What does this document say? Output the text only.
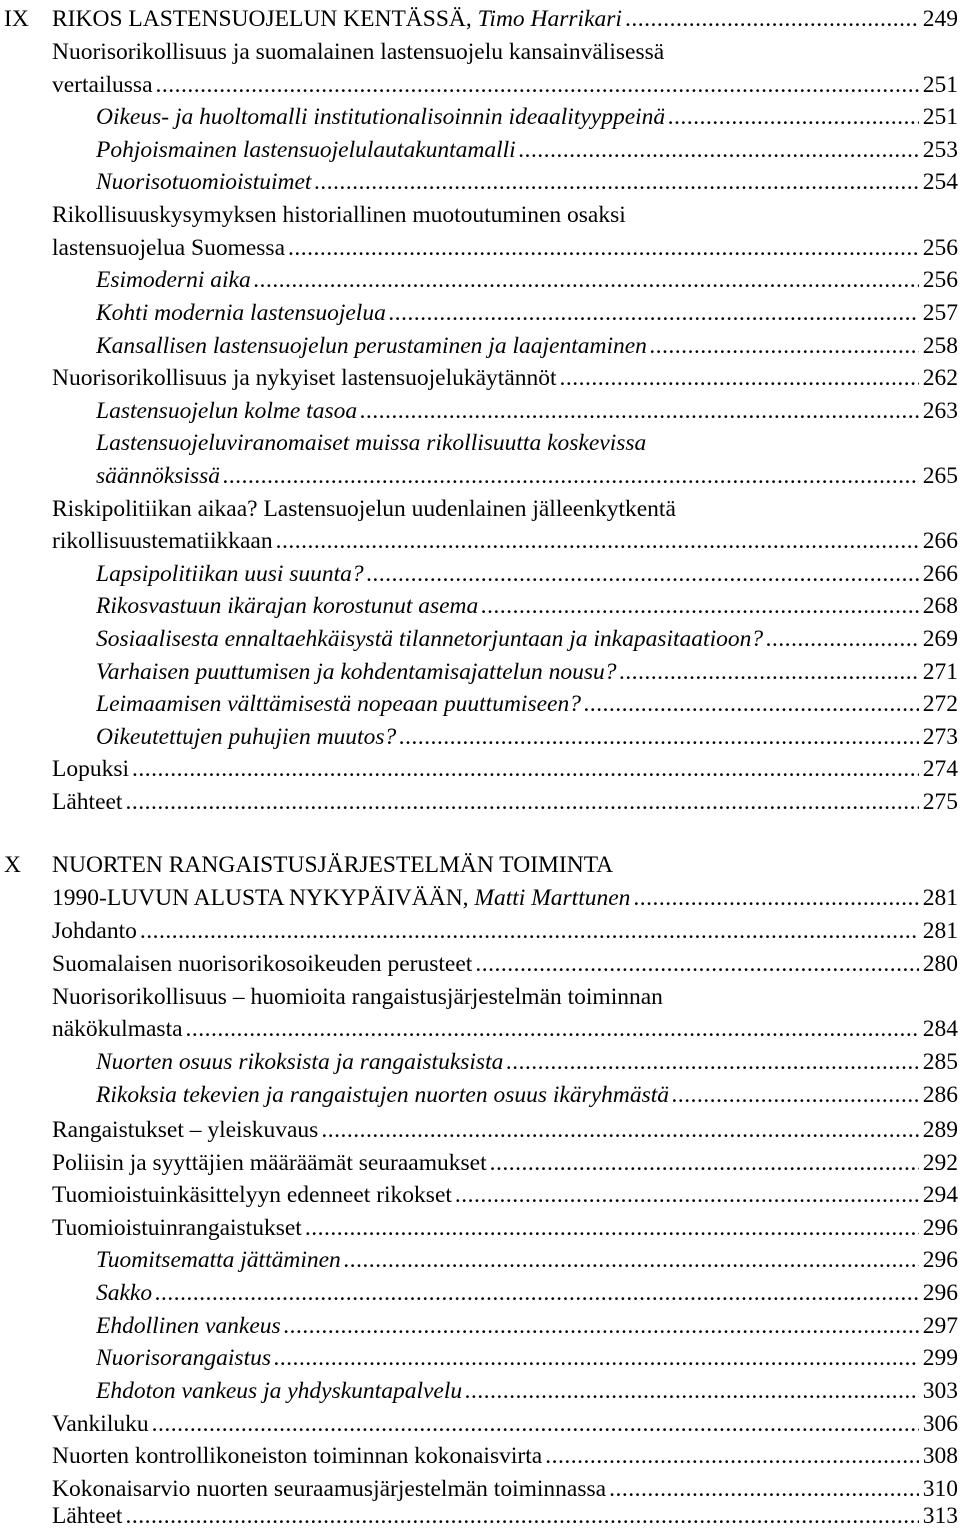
IX RIKOS LASTENSUOJELUN KENTÄSSÄ, Timo Harrikari .....	249
Nuorisorikollisuus ja suomalainen lastensuojelu kansainvälisessä
vertailussa .....	251
Oikeus- ja huoltomalli institutionalisoinnin ideaalityyppeinä .....	251
Pohjoismainen lastensuojelulautakuntamalli .....	253
Nuorisotuomioistuimet .....	254
Rikollisuuskysymyksen historiallinen muotoutuminen osaksi
lastensuojelua Suomessa .....	256
Esimoderni aika .....	256
Kohti modernia lastensuojelua .....	257
Kansallisen lastensuojelun perustaminen ja laajentaminen .....	258
Nuorisorikollisuus ja nykyiset lastensuojelukäytännöt .....	262
Lastensuojelun kolme tasoa .....	263
Lastensuojeluviranomaiset muissa rikollisuutta koskevissa
säännöksissä .....	265
Riskipolitiikan aikaa? Lastensuojelun uudenlainen jälleenkytkentä
rikollisuustematiikkaan .....	266
Lapsipolitiikan uusi suunta? .....	266
Rikosvastuun ikärajan korostunut asema .....	268
Sosiaalisesta ennaltaehkäisystä tilannetorjuntaan ja inkapasitaatioon? .....	269
Varhaisen puuttumisen ja kohdentamisajattelun nousu? .....	271
Leimaamisen välttämisestä nopeaan puuttumiseen? .....	272
Oikeutettujen puhujien muutos? .....	273
Lopuksi .....	274
Lähteet .....	275
X NUORTEN RANGAISTUSJÄRJESTELMÄN TOIMINTA
1990-LUVUN ALUSTA NYKYPÄIVÄÄN, Matti Marttunen .....	281
Johdanto .....	281
Suomalaisen nuorisorikosoikeuden perusteet .....	280
Nuorisorikollisuus – huomioita rangaistusjärjestelmän toiminnan
näkökulmasta .....	284
Nuorten osuus rikoksista ja rangaistuksista .....	285
Rikoksia tekevien ja rangaistujen nuorten osuus ikäryhmästä .....	286
Rangaistukset – yleiskuvaus .....	289
Poliisin ja syyttäjien määräämät seuraamukset .....	292
Tuomioistuinkäsittelyyn edenneet rikokset .....	294
Tuomioistuinrangaistukset .....	296
Tuomitsematta jättäminen .....	296
Sakko .....	296
Ehdollinen vankeus .....	297
Nuorisorangaistus .....	299
Ehdoton vankeus ja yhdyskuntapalvelu .....	303
Vankiluku .....	306
Nuorten kontrollikoneiston toiminnan kokonaisvirta .....	308
Kokonaisarvio nuorten seuraamusjärjestelmän toiminnassa .....	310
Lähteet .....	313
